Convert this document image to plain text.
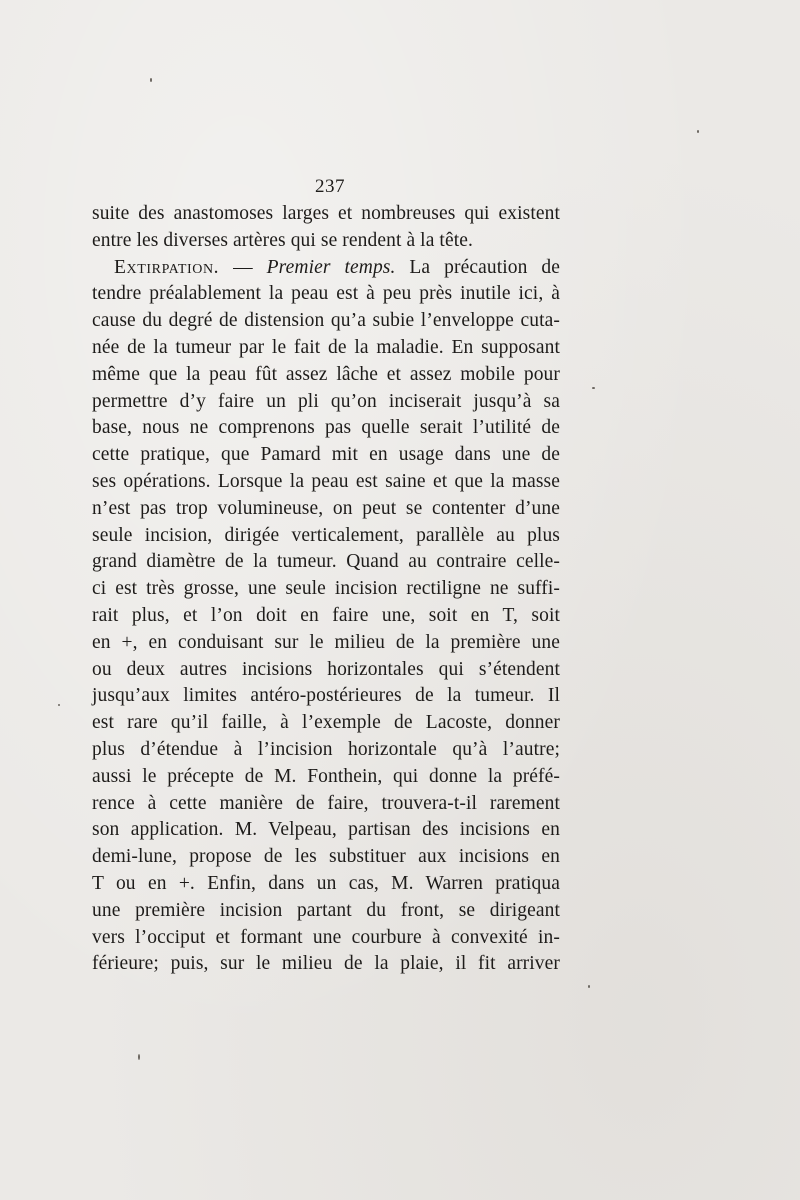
237
suite des anastomoses larges et nombreuses qui existent
entre les diverses artères qui se rendent à la tête.
Extirpation. — Premier temps. La précaution de
tendre préalablement la peau est à peu près inutile ici, à
cause du degré de distension qu’a subie l’enveloppe cuta-
née de la tumeur par le fait de la maladie. En supposant
même que la peau fût assez lâche et assez mobile pour
permettre d’y faire un pli qu’on inciserait jusqu’à sa
base, nous ne comprenons pas quelle serait l’utilité de
cette pratique, que Pamard mit en usage dans une de
ses opérations. Lorsque la peau est saine et que la masse
n’est pas trop volumineuse, on peut se contenter d’une
seule incision, dirigée verticalement, parallèle au plus
grand diamètre de la tumeur. Quand au contraire celle-
ci est très grosse, une seule incision rectiligne ne suffi-
rait plus, et l’on doit en faire une, soit en T, soit
en +, en conduisant sur le milieu de la première une
ou deux autres incisions horizontales qui s’étendent
jusqu’aux limites antéro-postérieures de la tumeur. Il
est rare qu’il faille, à l’exemple de Lacoste, donner
plus d’étendue à l’incision horizontale qu’à l’autre;
aussi le précepte de M. Fonthein, qui donne la préfé-
rence à cette manière de faire, trouvera-t-il rarement
son application. M. Velpeau, partisan des incisions en
demi-lune, propose de les substituer aux incisions en
T ou en +. Enfin, dans un cas, M. Warren pratiqua
une première incision partant du front, se dirigeant
vers l’occiput et formant une courbure à convexité in-
férieure; puis, sur le milieu de la plaie, il fit arriver
